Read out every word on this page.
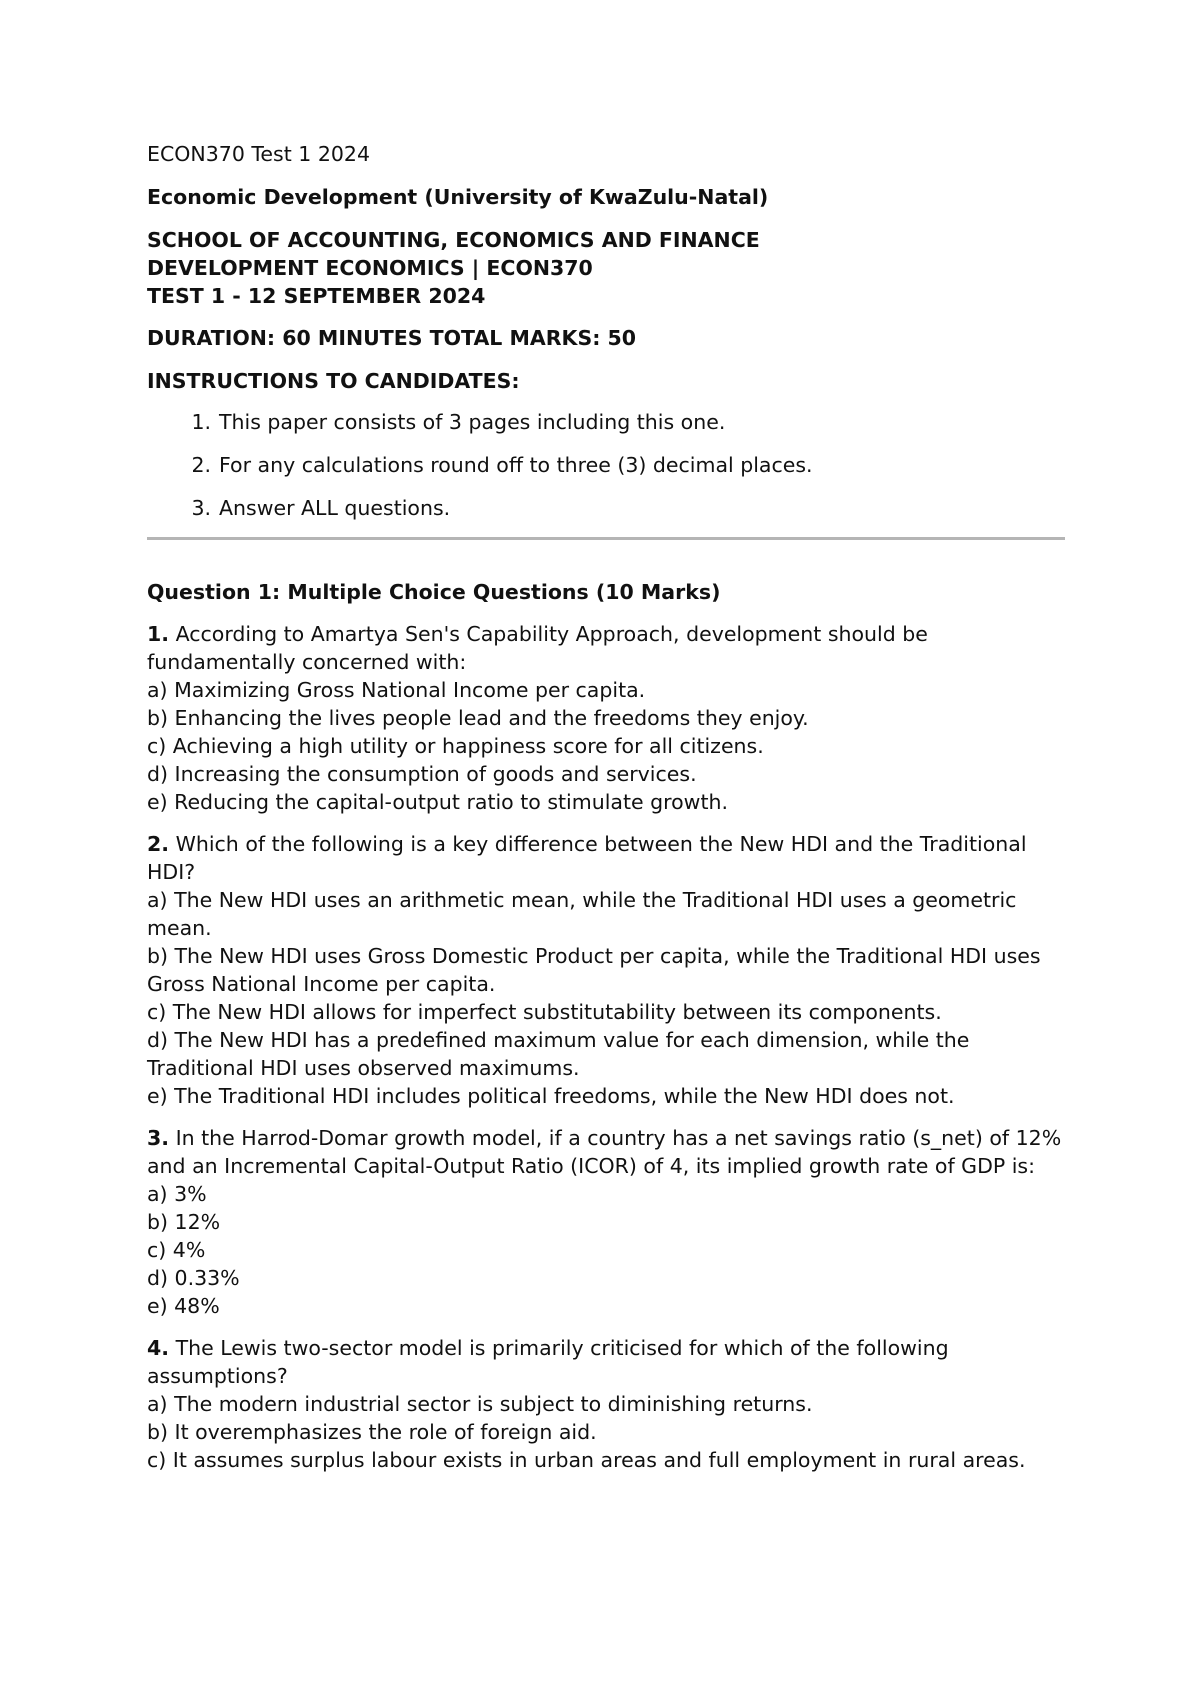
ECON370 Test 1 2024
Economic Development (University of KwaZulu-Natal)
SCHOOL OF ACCOUNTING, ECONOMICS AND FINANCE
DEVELOPMENT ECONOMICS | ECON370
TEST 1 - 12 SEPTEMBER 2024
DURATION: 60 MINUTES TOTAL MARKS: 50
INSTRUCTIONS TO CANDIDATES:
1. This paper consists of 3 pages including this one.
2. For any calculations round off to three (3) decimal places.
3. Answer ALL questions.
Question 1: Multiple Choice Questions (10 Marks)
1. According to Amartya Sen's Capability Approach, development should be fundamentally concerned with:
a) Maximizing Gross National Income per capita.
b) Enhancing the lives people lead and the freedoms they enjoy.
c) Achieving a high utility or happiness score for all citizens.
d) Increasing the consumption of goods and services.
e) Reducing the capital-output ratio to stimulate growth.
2. Which of the following is a key difference between the New HDI and the Traditional HDI?
a) The New HDI uses an arithmetic mean, while the Traditional HDI uses a geometric mean.
b) The New HDI uses Gross Domestic Product per capita, while the Traditional HDI uses Gross National Income per capita.
c) The New HDI allows for imperfect substitutability between its components.
d) The New HDI has a predefined maximum value for each dimension, while the Traditional HDI uses observed maximums.
e) The Traditional HDI includes political freedoms, while the New HDI does not.
3. In the Harrod-Domar growth model, if a country has a net savings ratio (s_net) of 12% and an Incremental Capital-Output Ratio (ICOR) of 4, its implied growth rate of GDP is:
a) 3%
b) 12%
c) 4%
d) 0.33%
e) 48%
4. The Lewis two-sector model is primarily criticised for which of the following assumptions?
a) The modern industrial sector is subject to diminishing returns.
b) It overemphasizes the role of foreign aid.
c) It assumes surplus labour exists in urban areas and full employment in rural areas.
